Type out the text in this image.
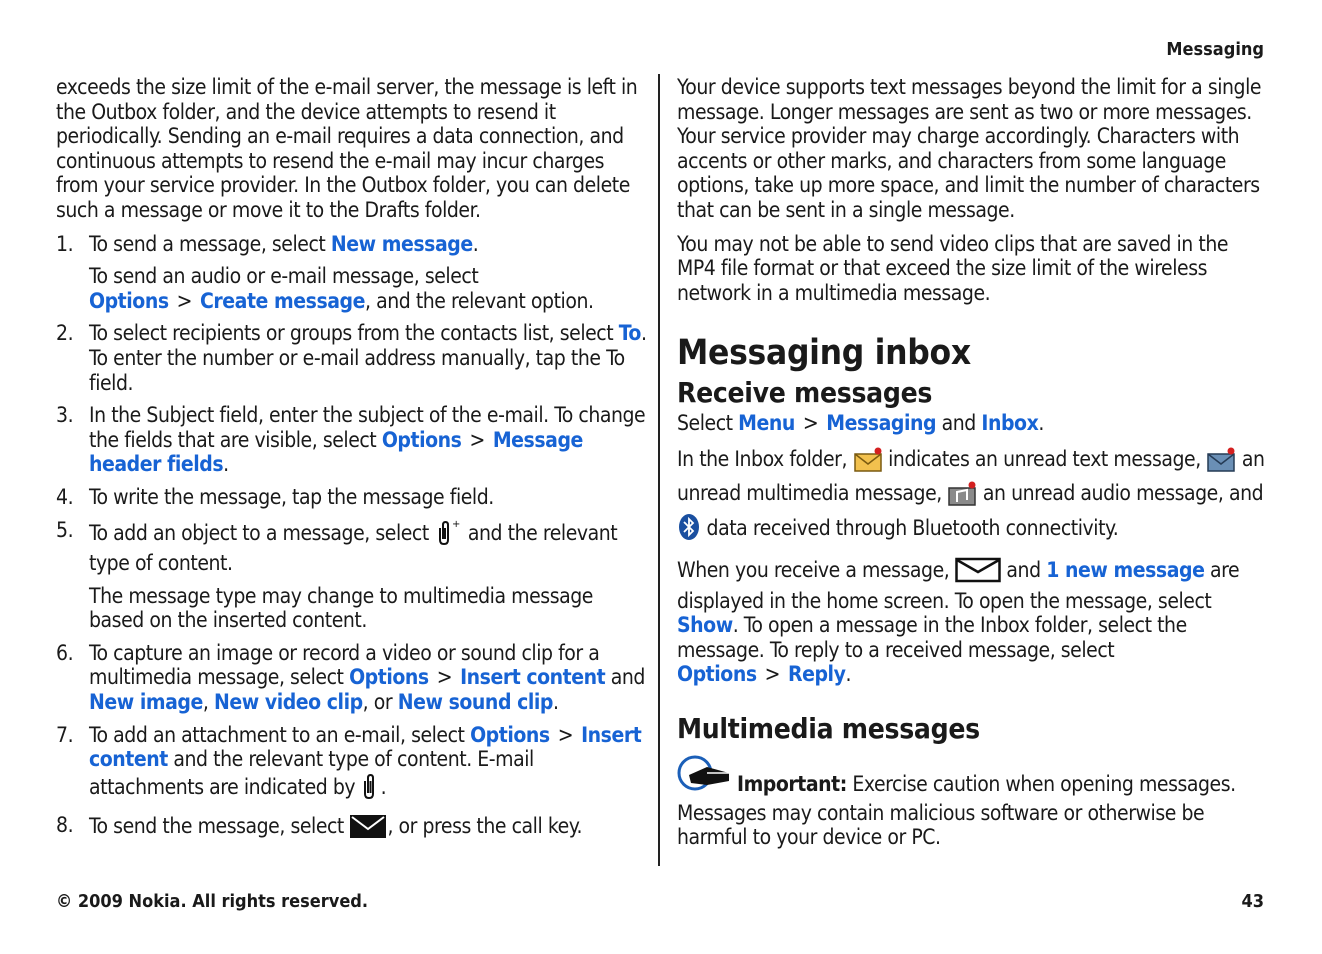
Messaging

exceeds the size limit of the e-mail server, the message is left in the Outbox folder, and the device attempts to resend it periodically. Sending an e-mail requires a data connection, and continuous attempts to resend the e-mail may incur charges from your service provider. In the Outbox folder, you can delete such a message or move it to the Drafts folder.

1. To send a message, select New message.

To send an audio or e-mail message, select Options > Create message, and the relevant option.

2. To select recipients or groups from the contacts list, select To. To enter the number or e-mail address manually, tap the To field.

3. In the Subject field, enter the subject of the e-mail. To change the fields that are visible, select Options > Message header fields.

4. To write the message, tap the message field.

5. To add an object to a message, select + and the relevant type of content.

The message type may change to multimedia message based on the inserted content.

6. To capture an image or record a video or sound clip for a multimedia message, select Options > Insert content and New image, New video clip, or New sound clip.

7. To add an attachment to an e-mail, select Options > Insert content and the relevant type of content. E-mail attachments are indicated by .

8. To send the message, select , or press the call key.

Your device supports text messages beyond the limit for a single message. Longer messages are sent as two or more messages. Your service provider may charge accordingly. Characters with accents or other marks, and characters from some language options, take up more space, and limit the number of characters that can be sent in a single message.

You may not be able to send video clips that are saved in the MP4 file format or that exceed the size limit of the wireless network in a multimedia message.

Messaging inbox
Receive messages

Select Menu > Messaging and Inbox.

In the Inbox folder,  indicates an unread text message,  an unread multimedia message,  an unread audio message, and  data received through Bluetooth connectivity.

When you receive a message,  and 1 new message are displayed in the home screen. To open the message, select Show. To open a message in the Inbox folder, select the message. To reply to a received message, select Options > Reply.

Multimedia messages

Important: Exercise caution when opening messages. Messages may contain malicious software or otherwise be harmful to your device or PC.

© 2009 Nokia. All rights reserved.	43
